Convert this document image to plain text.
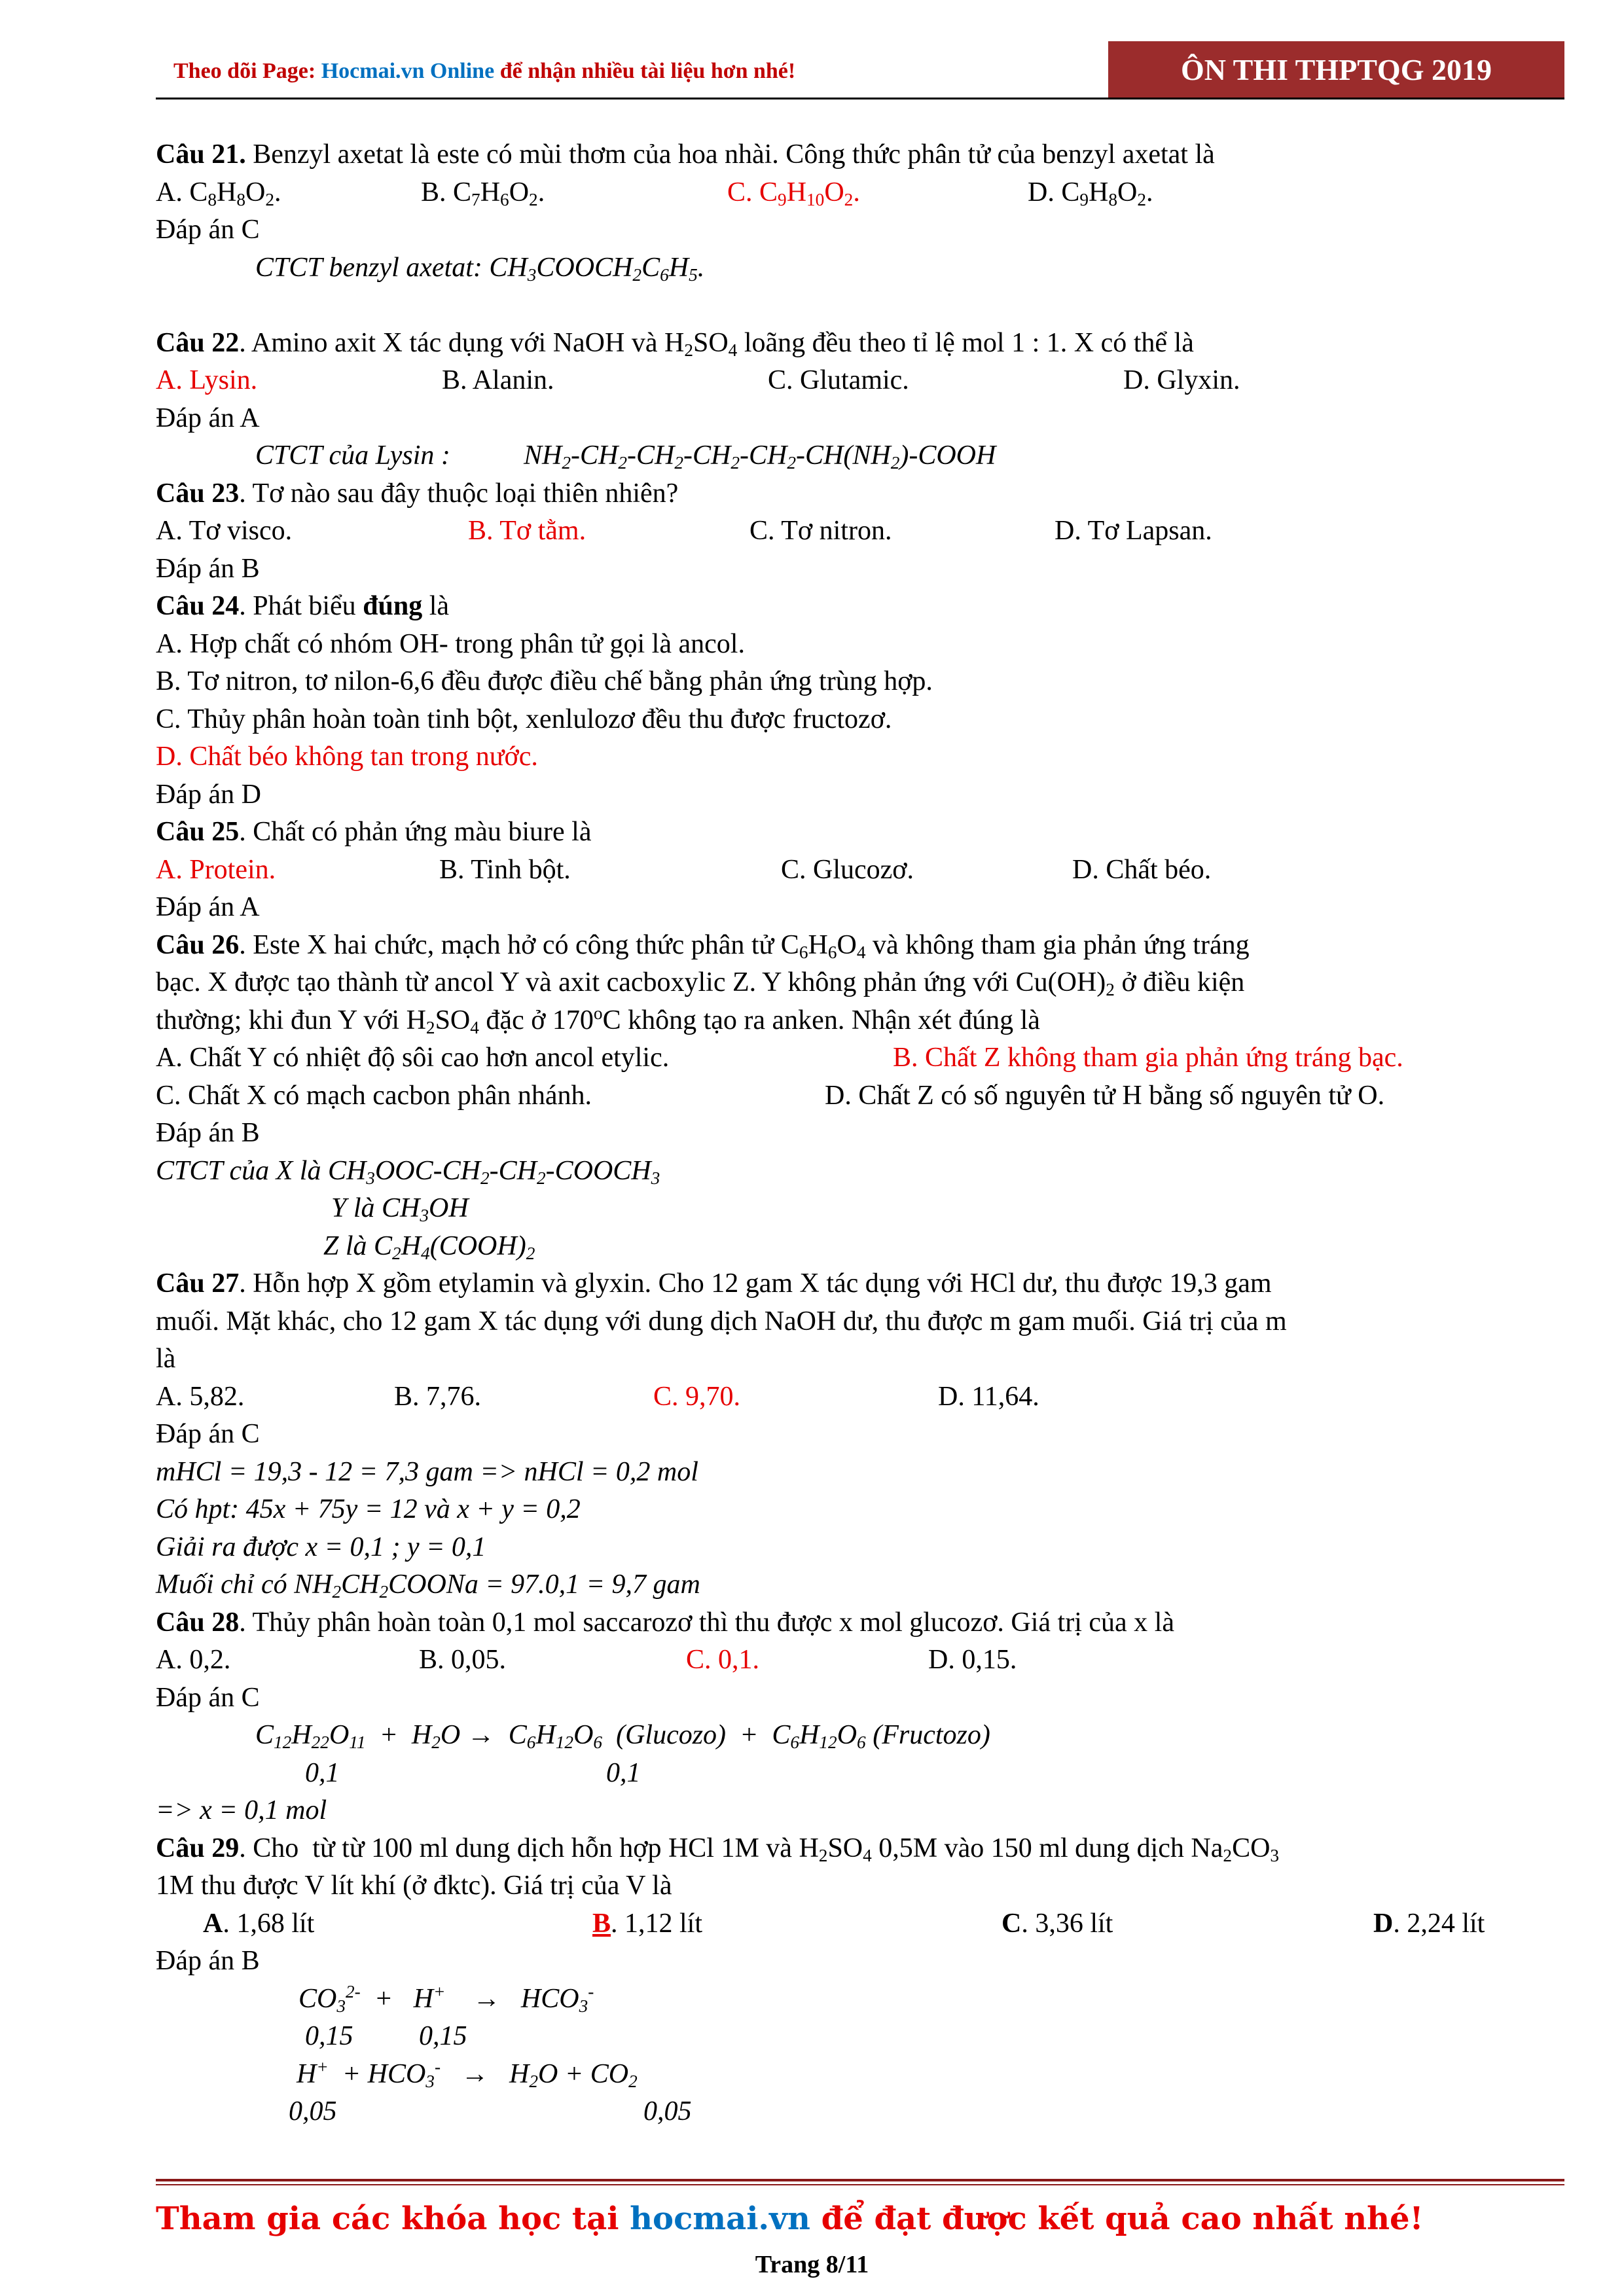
Theo dõi Page: Hocmai.vn Online để nhận nhiều tài liệu hơn nhé!	ÔN THI THPTQG 2019
Câu 21. Benzyl axetat là este có mùi thơm của hoa nhài. Công thức phân tử của benzyl axetat là
A. $C_8H_8O_2$.	B. $C_7H_6O_2$.	C. $C_9H_{10}O_2$.	D. $C_9H_8O_2$.
Đáp án C
CTCT benzyl axetat: $CH_3COOCH_2C_6H_5$.
Câu 22. Amino axit X tác dụng với NaOH và $H_2SO_4$ loãng đều theo tỉ lệ mol 1 : 1. X có thể là
A. Lysin.	B. Alanin.	C. Glutamic.	D. Glyxin.
Đáp án A
CTCT của Lysin :	$NH_2-CH_2-CH_2-CH_2-CH_2-CH(NH_2)$-COOH
Câu 23. Tơ nào sau đây thuộc loại thiên nhiên?
A. Tơ visco.	B. Tơ tằm.	C. Tơ nitron.	D. Tơ Lapsan.
Đáp án B
Câu 24. Phát biểu đúng là
A. Hợp chất có nhóm OH- trong phân tử gọi là ancol.
B. Tơ nitron, tơ nilon-6,6 đều được điều chế bằng phản ứng trùng hợp.
C. Thủy phân hoàn toàn tinh bột, xenlulozơ đều thu được fructozơ.
D. Chất béo không tan trong nước.
Đáp án D
Câu 25. Chất có phản ứng màu biure là
A. Protein.	B. Tinh bột.	C. Glucozơ.	D. Chất béo.
Đáp án A
Câu 26. Este X hai chức, mạch hở có công thức phân tử $C_6H_6O_4$ và không tham gia phản ứng tráng
bạc. X được tạo thành từ ancol Y và axit cacboxylic Z. Y không phản ứng với $Cu(OH)_2$ ở điều kiện
thường; khi đun Y với $H_2SO_4$ đặc ở 170$^o$C không tạo ra anken. Nhận xét đúng là
A. Chất Y có nhiệt độ sôi cao hơn ancol etylic.	B. Chất Z không tham gia phản ứng tráng bạc.
C. Chất X có mạch cacbon phân nhánh.	D. Chất Z có số nguyên tử H bằng số nguyên tử O.
Đáp án B
CTCT của X là $CH_3OOC-CH_2-CH_2-COOCH_3$
Y là $CH_3OH$
Z là $C_2H_4(COOH)_2$
Câu 27. Hỗn hợp X gồm etylamin và glyxin. Cho 12 gam X tác dụng với HCl dư, thu được 19,3 gam
muối. Mặt khác, cho 12 gam X tác dụng với dung dịch NaOH dư, thu được m gam muối. Giá trị của m
là
A. 5,82.	B. 7,76.	C. 9,70.	D. 11,64.
Đáp án C
mHCl = 19,3 - 12 = 7,3 gam => nHCl = 0,2 mol
Có hpt: 45x + 75y = 12 và x + y = 0,2
Giải ra được x = 0,1 ; y = 0,1
Muối chỉ có $NH_2CH_2COONa = 97.0,1 = 9,7$ gam
Câu 28. Thủy phân hoàn toàn 0,1 mol saccarozơ thì thu được x mol glucozơ. Giá trị của x là
A. 0,2.	B. 0,05.	C. 0,1.	D. 0,15.
Đáp án C
$C_{12}H_{22}O_{11} + H_2O \to C_6H_{12}O_6$  (Glucozo)  +  $C_6H_{12}O_6$ (Fructozo)
0,1	0,1
=> x = 0,1 mol
Câu 29. Cho  từ từ 100 ml dung dịch hỗn hợp HCl 1M và $H_2SO_4$ 0,5M vào 150 ml dung dịch $Na_2CO_3$
1M thu được V lít khí (ở đktc). Giá trị của V là
A. 1,68 lít	B. 1,12 lít	C. 3,36 lít	D. 2,24 lít
Đáp án B
$CO_3^{2-} + H^+$    →   $HCO_3^-$
0,15 0,15
$H^+ + HCO_3^- \to H_2O + CO_2$
0,05	0,05
Tham gia các khóa học tại hocmai.vn để đạt được kết quả cao nhất nhé!
Trang 8/11
